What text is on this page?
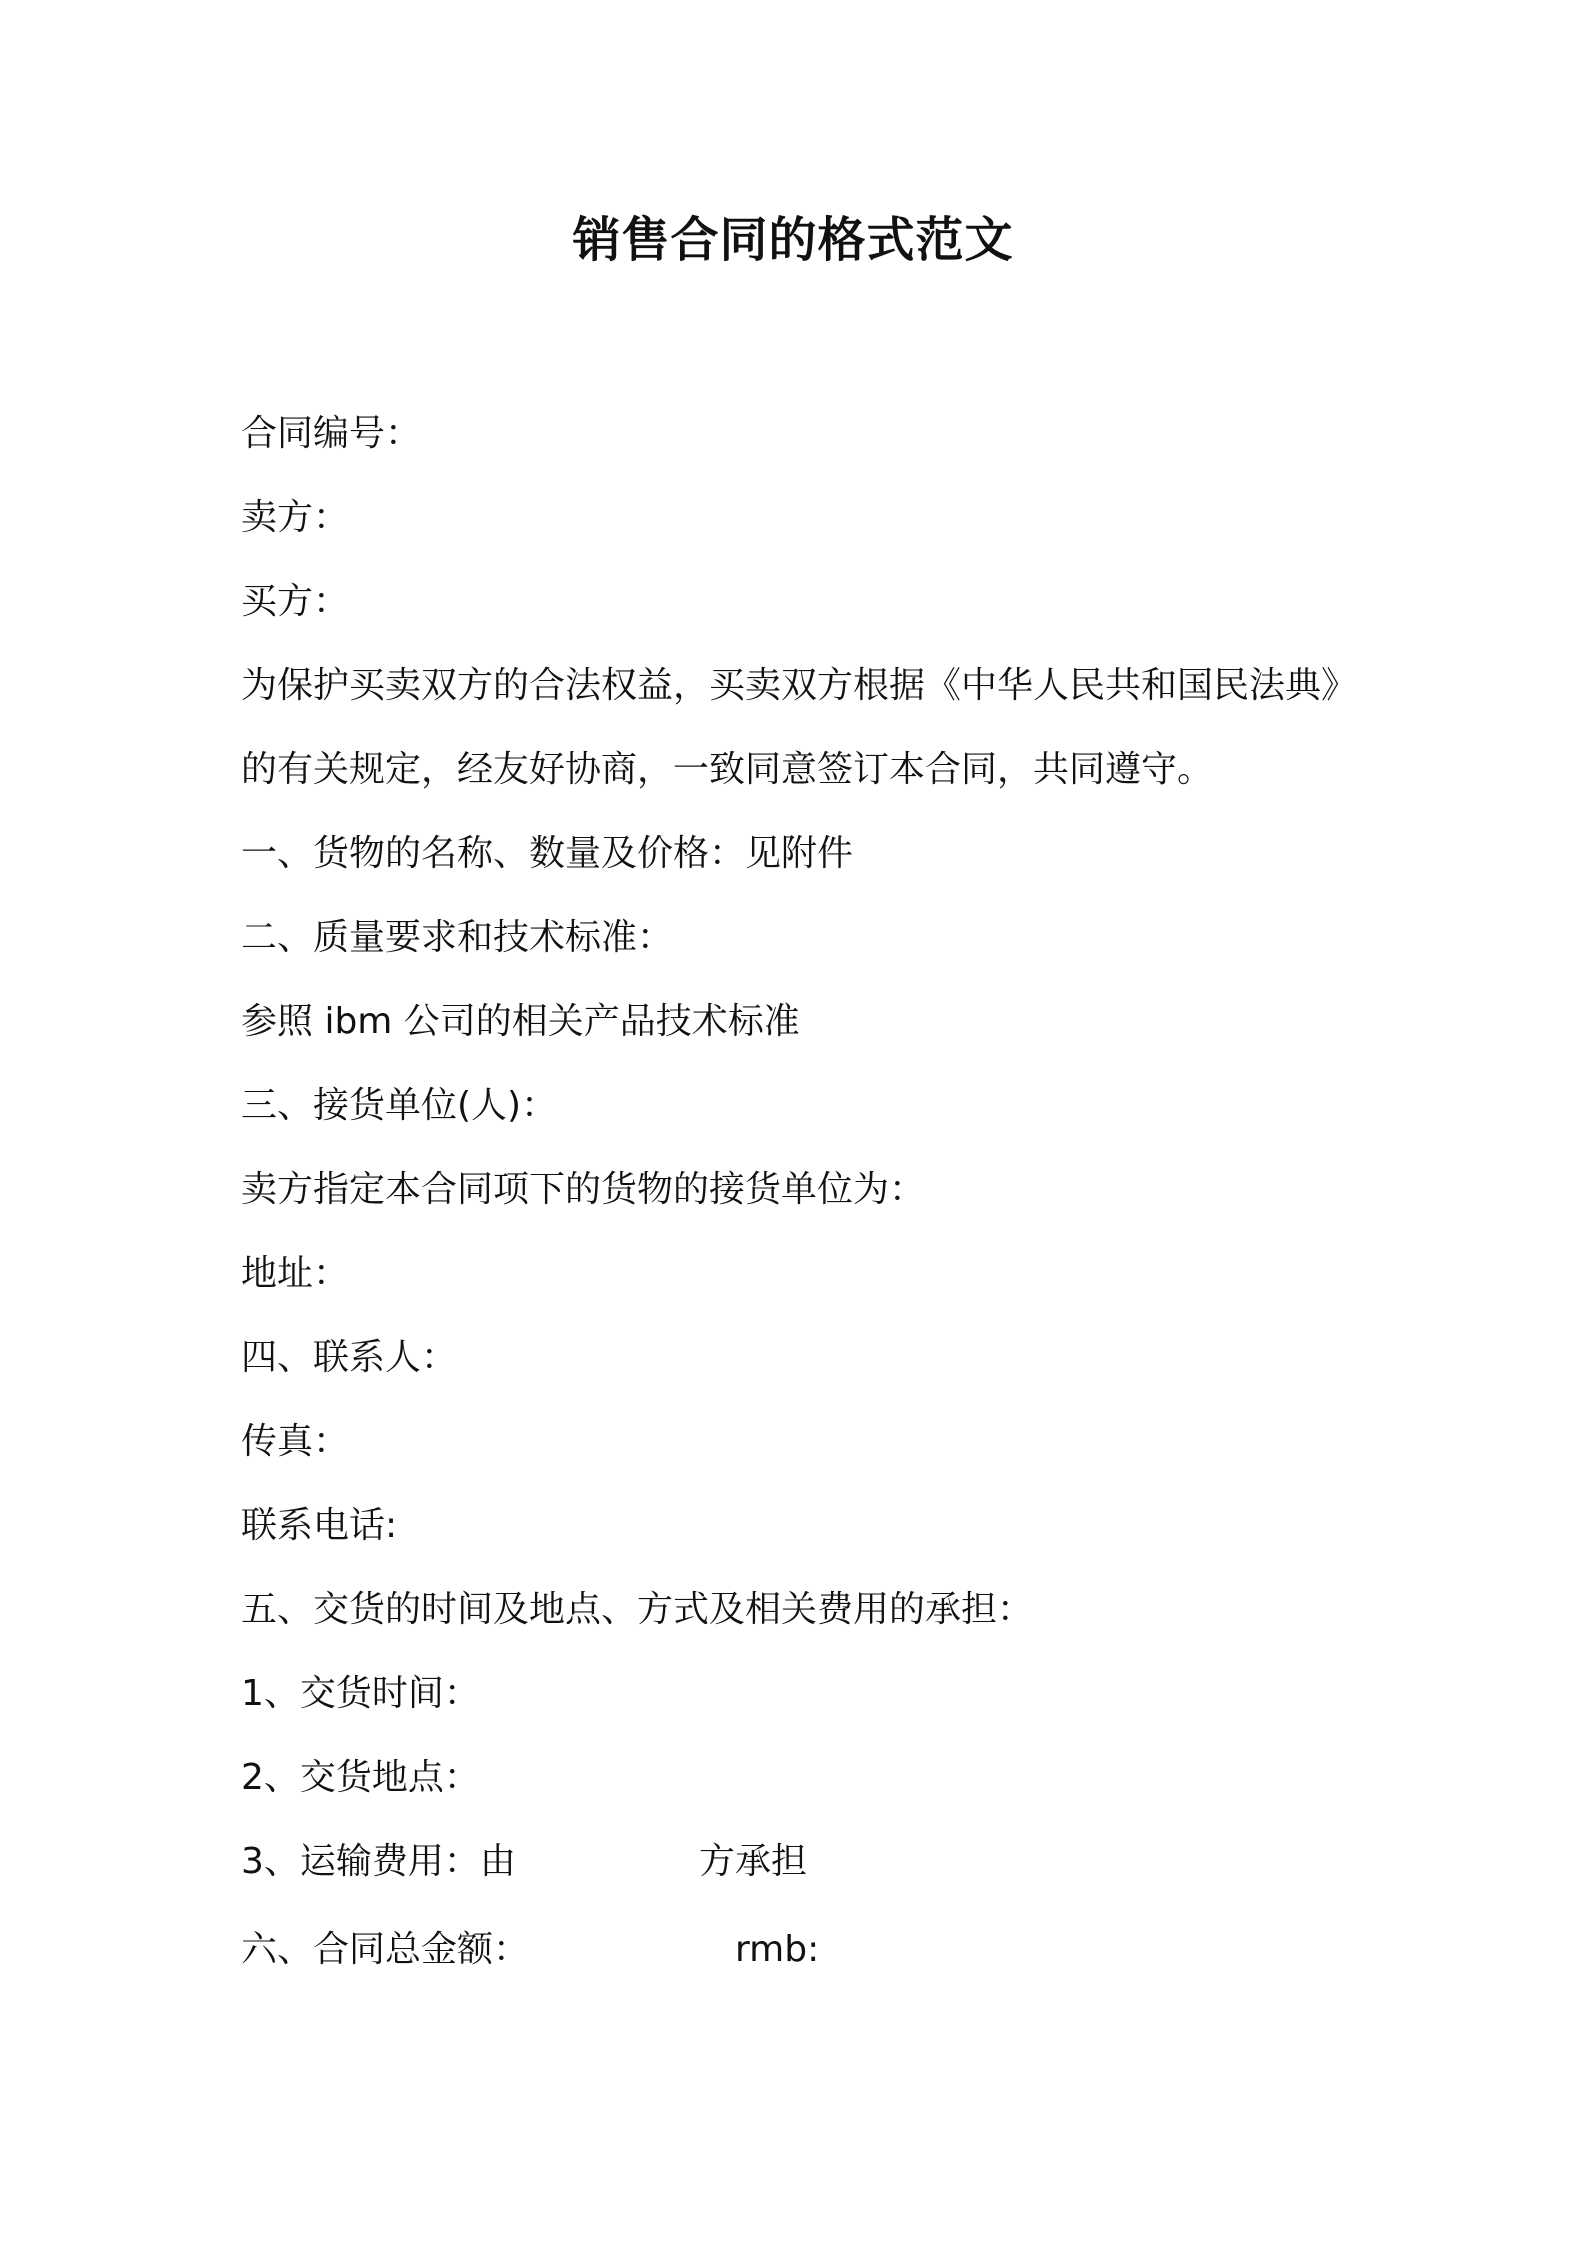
销售合同的格式范文
合同编号：
卖方：
买方：
为保护买卖双方的合法权益，买卖双方根据《中华人民共和国民法典》
的有关规定，经友好协商，一致同意签订本合同，共同遵守。
一、货物的名称、数量及价格：见附件
二、质量要求和技术标准：
参照 ibm 公司的相关产品技术标准
三、接货单位(人)：
卖方指定本合同项下的货物的接货单位为：
地址：
四、联系人：
传真：
联系电话:
五、交货的时间及地点、方式及相关费用的承担：
1、交货时间：
2、交货地点：
3、运输费用：由                方承担
六、合同总金额：                  rmb:
